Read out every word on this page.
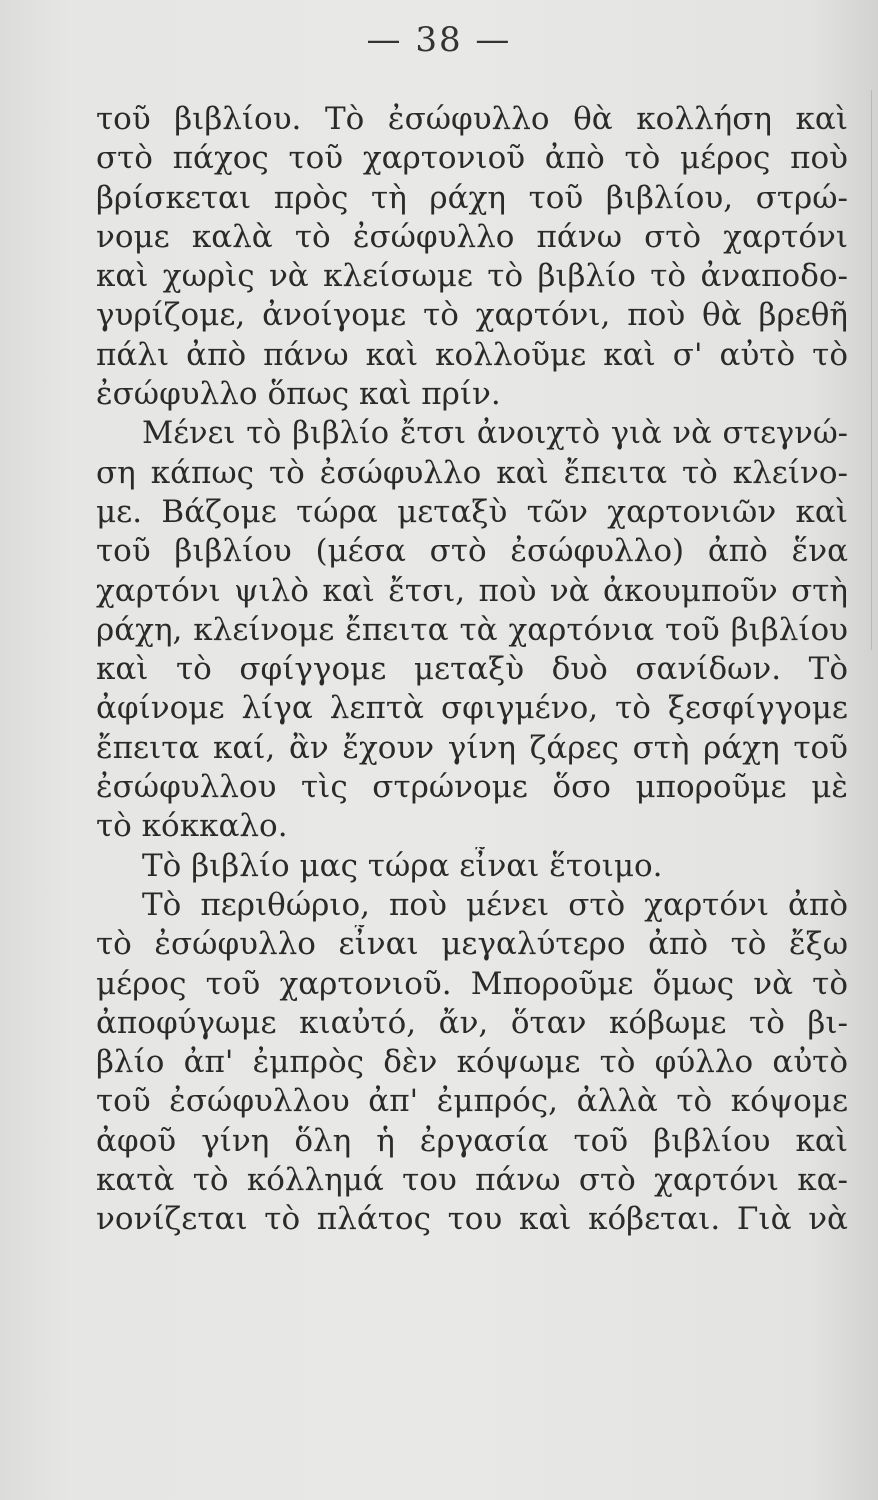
— 38 —
τοῦ βιβλίου. Τὸ ἐσώφυλλο θὰ κολλήση καὶ
στὸ πάχος τοῦ χαρτονιοῦ ἀπὸ τὸ μέρος ποὺ
βρίσκεται πρὸς τὴ ράχη τοῦ βιβλίου, στρώ-
νομε καλὰ τὸ ἐσώφυλλο πάνω στὸ χαρτόνι
καὶ χωρὶς νὰ κλείσωμε τὸ βιβλίο τὸ ἀναποδο-
γυρίζομε, ἀνοίγομε τὸ χαρτόνι, ποὺ θὰ βρεθῆ
πάλι ἀπὸ πάνω καὶ κολλοῦμε καὶ σ' αὐτὸ τὸ
ἐσώφυλλο ὅπως καὶ πρίν.
Μένει τὸ βιβλίο ἔτσι ἀνοιχτὸ γιὰ νὰ στεγνώ-
ση κάπως τὸ ἐσώφυλλο καὶ ἔπειτα τὸ κλείνο-
με. Βάζομε τώρα μεταξὺ τῶν χαρτονιῶν καὶ
τοῦ βιβλίου (μέσα στὸ ἐσώφυλλο) ἀπὸ ἕνα
χαρτόνι ψιλὸ καὶ ἔτσι, ποὺ νὰ ἀκουμποῦν στὴ
ράχη, κλείνομε ἔπειτα τὰ χαρτόνια τοῦ βιβλίου
καὶ τὸ σφίγγομε μεταξὺ δυὸ σανίδων. Τὸ
ἀφίνομε λίγα λεπτὰ σφιγμένο, τὸ ξεσφίγγομε
ἔπειτα καί, ἂν ἔχουν γίνη ζάρες στὴ ράχη τοῦ
ἐσώφυλλου τὶς στρώνομε ὅσο μποροῦμε μὲ
τὸ κόκκαλο.
Τὸ βιβλίο μας τώρα εἶναι ἕτοιμο.
Τὸ περιθώριο, ποὺ μένει στὸ χαρτόνι ἀπὸ
τὸ ἐσώφυλλο εἶναι μεγαλύτερο ἀπὸ τὸ ἔξω
μέρος τοῦ χαρτονιοῦ. Μποροῦμε ὅμως νὰ τὸ
ἀποφύγωμε κιαὐτό, ἄν, ὅταν κόβωμε τὸ βι-
βλίο ἀπ' ἐμπρὸς δὲν κόψωμε τὸ φύλλο αὐτὸ
τοῦ ἐσώφυλλου ἀπ' ἐμπρός, ἀλλὰ τὸ κόψομε
ἀφοῦ γίνη ὅλη ἡ ἐργασία τοῦ βιβλίου καὶ
κατὰ τὸ κόλλημά του πάνω στὸ χαρτόνι κα-
νονίζεται τὸ πλάτος του καὶ κόβεται. Γιὰ νὰ
